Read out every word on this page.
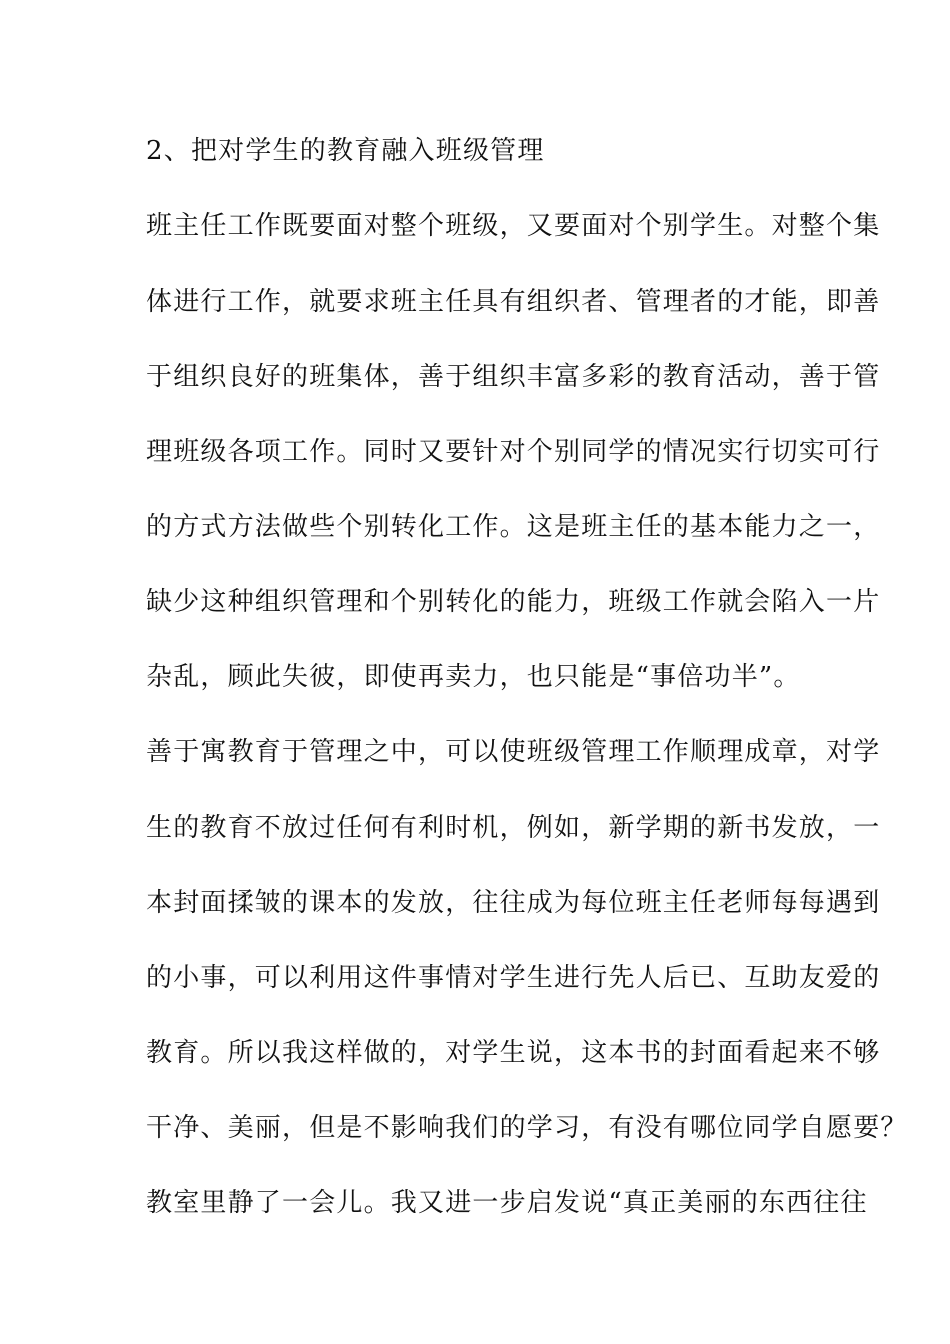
2、把对学生的教育融入班级管理
班主任工作既要面对整个班级，又要面对个别学生。对整个集
体进行工作，就要求班主任具有组织者、管理者的才能，即善
于组织良好的班集体，善于组织丰富多彩的教育活动，善于管
理班级各项工作。同时又要针对个别同学的情况实行切实可行
的方式方法做些个别转化工作。这是班主任的基本能力之一，
缺少这种组织管理和个别转化的能力，班级工作就会陷入一片
杂乱，顾此失彼，即使再卖力，也只能是“事倍功半”。
善于寓教育于管理之中，可以使班级管理工作顺理成章，对学
生的教育不放过任何有利时机，例如，新学期的新书发放，一
本封面揉皱的课本的发放，往往成为每位班主任老师每每遇到
的小事，可以利用这件事情对学生进行先人后已、互助友爱的
教育。所以我这样做的，对学生说，这本书的封面看起来不够
干净、美丽，但是不影响我们的学习，有没有哪位同学自愿要？
教室里静了一会儿。我又进一步启发说“真正美丽的东西往往
